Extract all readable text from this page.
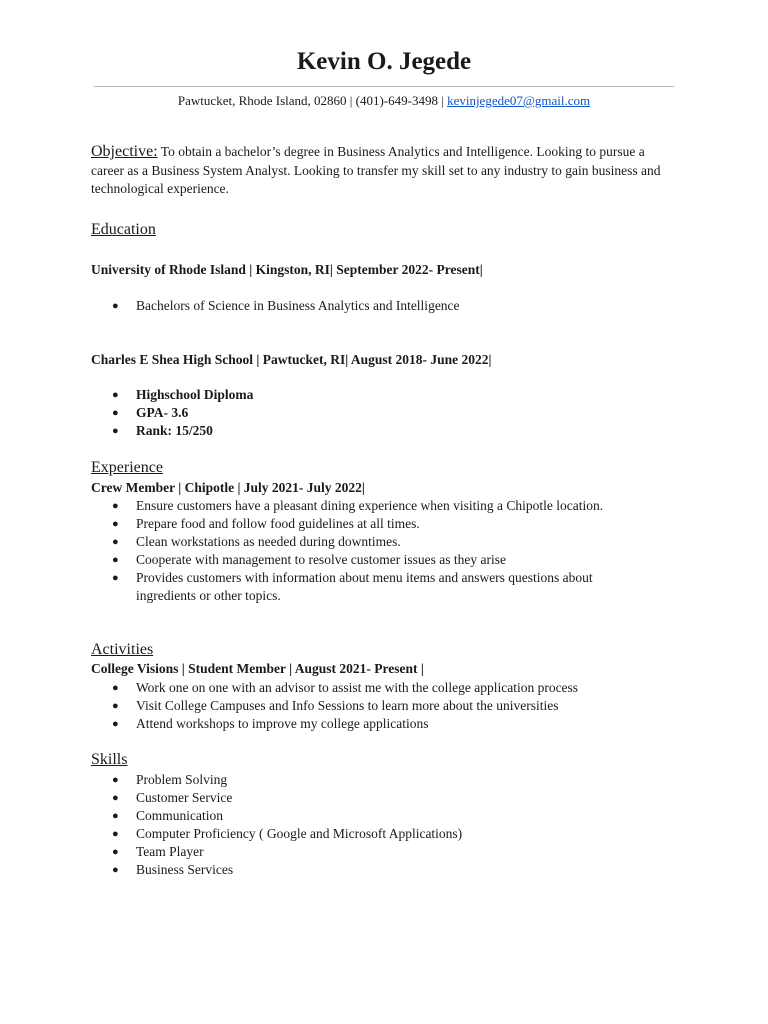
Kevin O. Jegede
Pawtucket, Rhode Island, 02860 | (401)-649-3498 | kevinjegede07@gmail.com
Objective: To obtain a bachelor’s degree in Business Analytics and Intelligence. Looking to pursue a career as a Business System Analyst. Looking to transfer my skill set to any industry to gain business and technological experience.
Education
University of Rhode Island | Kingston, RI| September 2022- Present|
● Bachelors of Science in Business Analytics and Intelligence
Charles E Shea High School | Pawtucket, RI| August 2018- June 2022|
● Highschool Diploma
● GPA- 3.6
● Rank: 15/250
Experience
Crew Member | Chipotle | July 2021- July 2022|
● Ensure customers have a pleasant dining experience when visiting a Chipotle location.
● Prepare food and follow food guidelines at all times.
● Clean workstations as needed during downtimes.
● Cooperate with management to resolve customer issues as they arise
● Provides customers with information about menu items and answers questions about
ingredients or other topics.
Activities
College Visions | Student Member | August 2021- Present |
● Work one on one with an advisor to assist me with the college application process
● Visit College Campuses and Info Sessions to learn more about the universities
● Attend workshops to improve my college applications
Skills
● Problem Solving
● Customer Service
● Communication
● Computer Proficiency ( Google and Microsoft Applications)
● Team Player
● Business Services
